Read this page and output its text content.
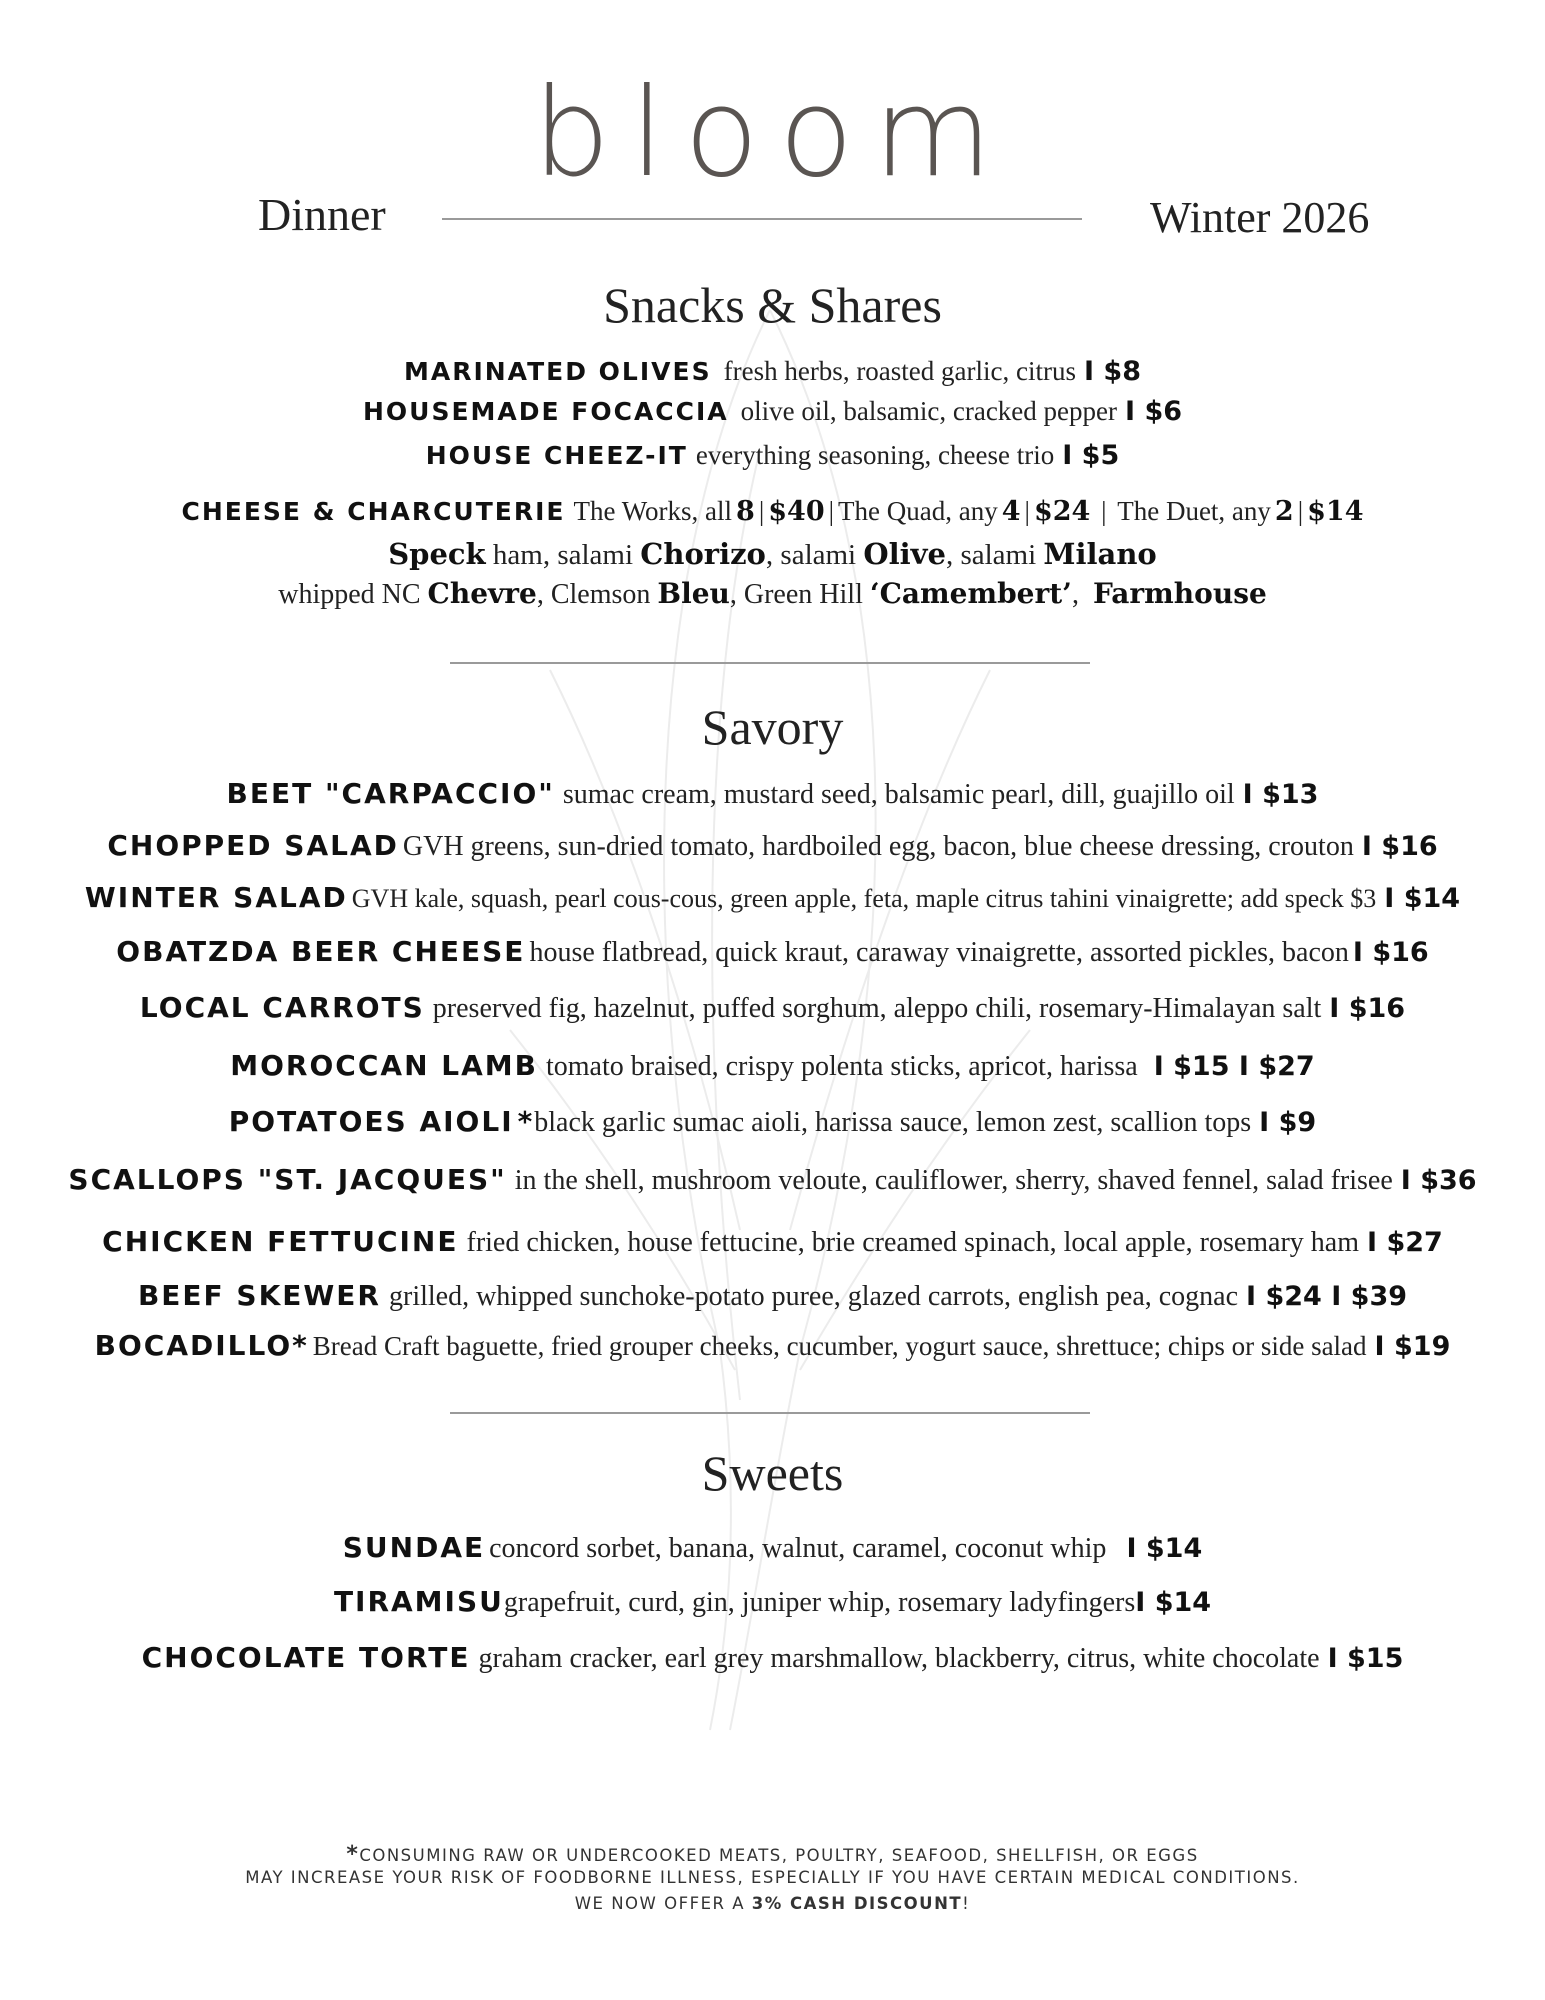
bloom
Dinner	Winter 2026
Snacks & Shares
MARINATED OLIVES fresh herbs, roasted garlic, citrus I $8
HOUSEMADE FOCACCIA olive oil, balsamic, cracked pepper I $6
HOUSE CHEEZ-IT everything seasoning, cheese trio I $5
CHEESE & CHARCUTERIE The Works, all 8 | $40 | The Quad, any 4 | $24  |  The Duet, any 2 | $14
Speck ham, salami Chorizo, salami Olive, salami Milano
whipped NC Chevre, Clemson Bleu, Green Hill ‘Camembert’, Farmhouse
Savory
BEET "CARPACCIO" sumac cream, mustard seed, balsamic pearl, dill, guajillo oil I $13
CHOPPED SALAD GVH greens, sun-dried tomato, hardboiled egg, bacon, blue cheese dressing, crouton I $16
WINTER SALAD GVH kale, squash, pearl cous-cous, green apple, feta, maple citrus tahini vinaigrette; add speck $3 I $14
OBATZDA BEER CHEESE house flatbread, quick kraut, caraway vinaigrette, assorted pickles, bacon I $16
LOCAL CARROTS preserved fig, hazelnut, puffed sorghum, aleppo chili, rosemary-Himalayan salt I $16
MOROCCAN LAMB tomato braised, crispy polenta sticks, apricot, harissa I $15 I $27
POTATOES AIOLI *black garlic sumac aioli, harissa sauce, lemon zest, scallion tops I $9
SCALLOPS "ST. JACQUES" in the shell, mushroom veloute, cauliflower, sherry, shaved fennel, salad frisee I $36
CHICKEN FETTUCINE fried chicken, house fettucine, brie creamed spinach, local apple, rosemary ham I $27
BEEF SKEWER grilled, whipped sunchoke-potato puree, glazed carrots, english pea, cognac I $24 I $39
BOCADILLO* Bread Craft baguette, fried grouper cheeks, cucumber, yogurt sauce, shrettuce; chips or side salad I $19
Sweets
SUNDAE concord sorbet, banana, walnut, caramel, coconut whip I $14
TIRAMISUgrapefruit, curd, gin, juniper whip, rosemary ladyfingersI $14
CHOCOLATE TORTE graham cracker, earl grey marshmallow, blackberry, citrus, white chocolate I $15
*CONSUMING RAW OR UNDERCOOKED MEATS, POULTRY, SEAFOOD, SHELLFISH, OR EGGS
MAY INCREASE YOUR RISK OF FOODBORNE ILLNESS, ESPECIALLY IF YOU HAVE CERTAIN MEDICAL CONDITIONS.
WE NOW OFFER A 3% CASH DISCOUNT!
